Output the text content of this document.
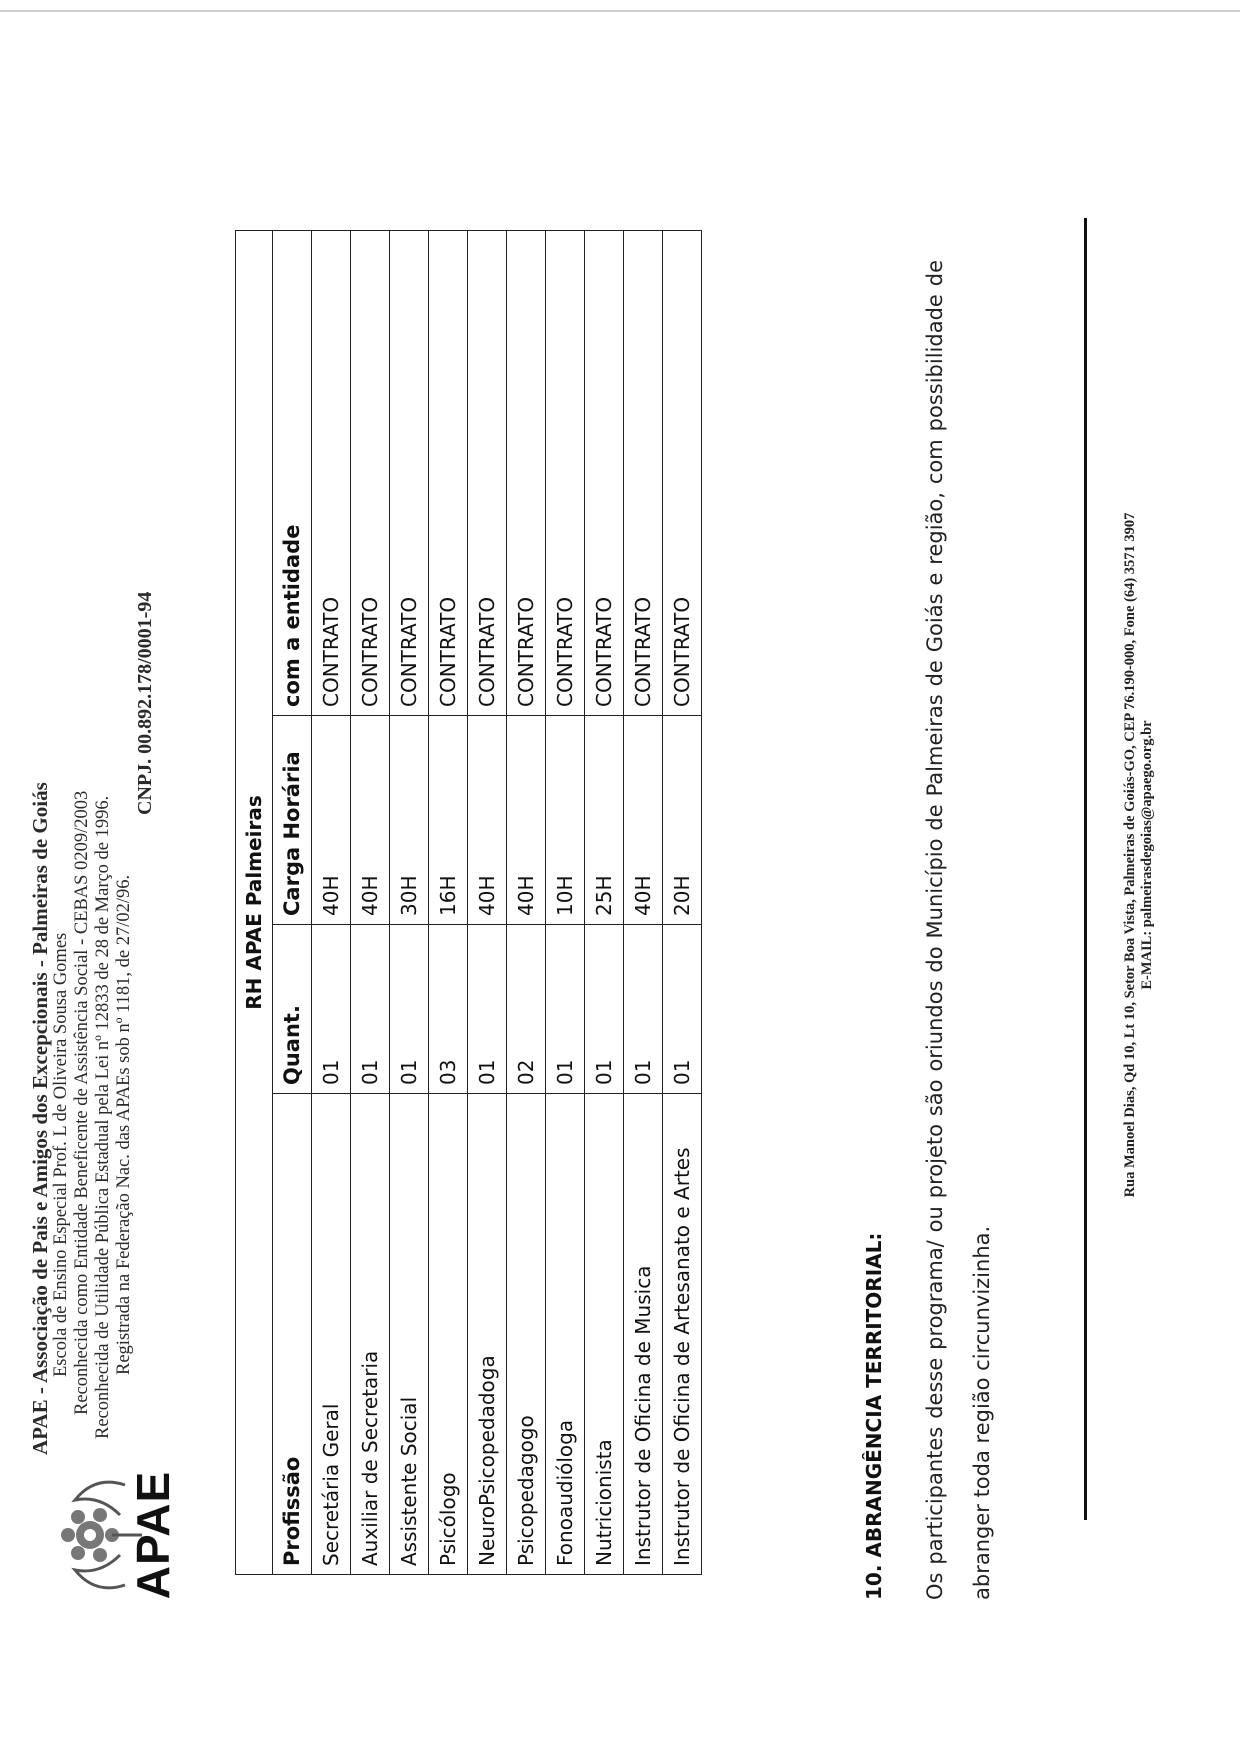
APAE
APAE - Associação de Pais e Amigos dos Excepcionais - Palmeiras de Goiás Escola de Ensino Especial Prof. L de Oliveira Sousa Gomes Reconhecida como Entidade Beneficente de Assistência Social - CEBAS 0209/2003 Reconhecida de Utilidade Pública Estadual pela Lei nº 12833 de 28 de Março de 1996. Registrada na Federação Nac. das APAEs sob nº 1181, de 27/02/96.
CNPJ. 00.892.178/0001-94
RH APAE Palmeiras			
Profissão	Quant.	Carga Horária	com a entidade
Secretária Geral	01	40H	CONTRATO
Auxiliar de Secretaria	01	40H	CONTRATO
Assistente Social	01	30H	CONTRATO
Psicólogo	03	16H	CONTRATO
NeuroPsicopedadoga	01	40H	CONTRATO
Psicopedagogo	02	40H	CONTRATO
Fonoaudióloga	01	10H	CONTRATO
Nutricionista	01	25H	CONTRATO
Instrutor de Oficina de Musica	01	40H	CONTRATO
Instrutor de Oficina de Artesanato e Artes	01	20H	CONTRATO
10. ABRANGÊNCIA TERRITORIAL:	Os participantes desse programa/ ou projeto são oriundos do Município de Palmeiras de Goiás e região, com possibilidade de abranger toda região circunvizinha.
Rua Manoel Dias, Qd 10, Lt 10, Setor Boa Vista, Palmeiras de Goiás-GO, CEP 76.190-000, Fone (64) 3571 3907 E-MAIL: palmeirasdegoias@apaego.org.br
